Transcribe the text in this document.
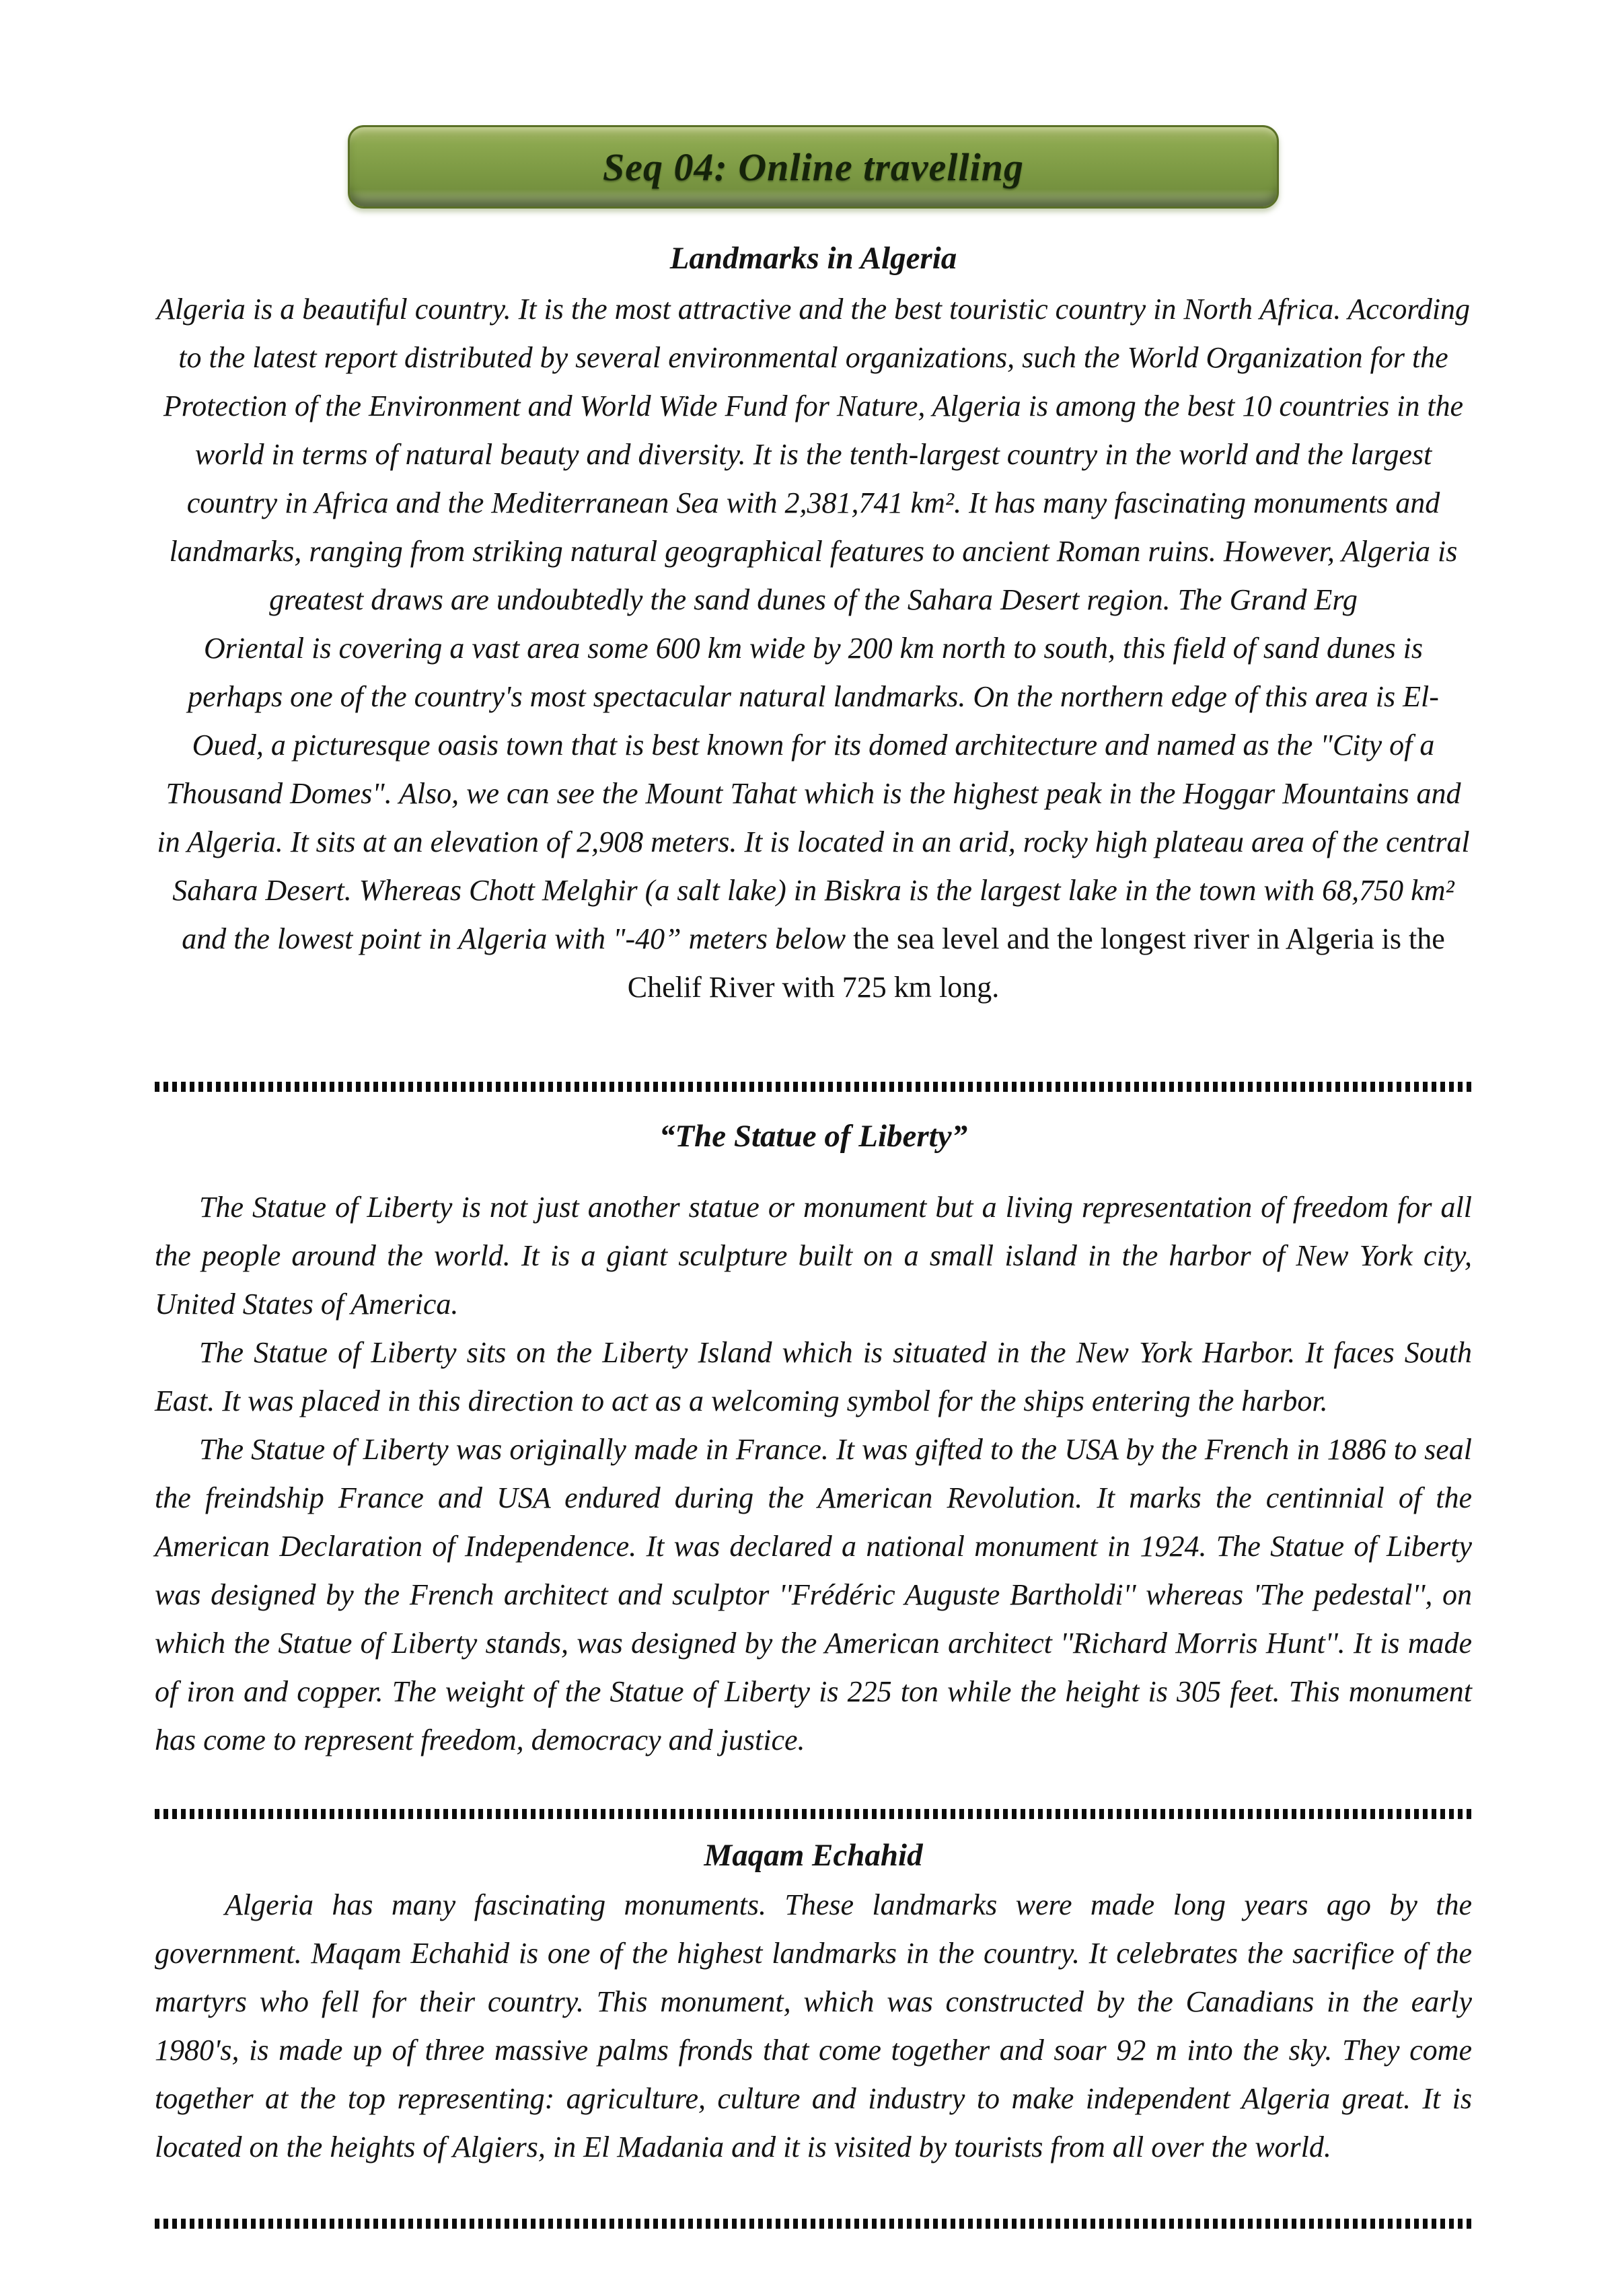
Seq 04: Online travelling
Landmarks in Algeria

Algeria is a beautiful country. It is the most attractive and the best touristic country in North Africa. According to the latest report distributed by several environmental organizations, such the World Organization for the Protection of the Environment and World Wide Fund for Nature, Algeria is among the best 10 countries in the world in terms of natural beauty and diversity. It is the tenth-largest country in the world and the largest country in Africa and the Mediterranean Sea with 2,381,741 km². It has many fascinating monuments and landmarks, ranging from striking natural geographical features to ancient Roman ruins. However, Algeria is greatest draws are undoubtedly the sand dunes of the Sahara Desert region. The Grand Erg

Oriental is covering a vast area some 600 km wide by 200 km north to south, this field of sand dunes is perhaps one of the country's most spectacular natural landmarks. On the northern edge of this area is El-Oued, a picturesque oasis town that is best known for its domed architecture and named as the "City of a Thousand Domes". Also, we can see the Mount Tahat which is the highest peak in the Hoggar Mountains and in Algeria. It sits at an elevation of 2,908 meters. It is located in an arid, rocky high plateau area of the central Sahara Desert. Whereas Chott Melghir (a salt lake) in Biskra is the largest lake in the town with 68,750 km² and the lowest point in Algeria with "-40” meters below the sea level and the longest river in Algeria is the Chelif River with 725 km long.

“The Statue of Liberty”

The Statue of Liberty is not just another statue or monument but a living representation of freedom for all the people around the world. It is a giant sculpture built on a small island in the harbor of New York city, United States of America.

The Statue of Liberty sits on the Liberty Island which is situated in the New York Harbor. It faces South East. It was placed in this direction to act as a welcoming symbol for the ships entering the harbor.

The Statue of Liberty was originally made in France. It was gifted to the USA by the French in 1886 to seal the freindship France and USA endured during the American Revolution. It marks the centinnial of the American Declaration of Independence. It was declared a national monument in 1924. The Statue of Liberty was designed by the French architect and sculptor ''Frédéric Auguste Bartholdi'' whereas 'The pedestal'', on which the Statue of Liberty stands, was designed by the American architect ''Richard Morris Hunt''. It is made of iron and copper. The weight of the Statue of Liberty is 225 ton while the height is 305 feet. This monument has come to represent freedom, democracy and justice.

Maqam Echahid

Algeria has many fascinating monuments. These landmarks were made long years ago by the government. Maqam Echahid is one of the highest landmarks in the country. It celebrates the sacrifice of the martyrs who fell for their country. This monument, which was constructed by the Canadians in the early 1980's, is made up of three massive palms fronds that come together and soar 92 m into the sky. They come together at the top representing: agriculture, culture and industry to make independent Algeria great. It is located on the heights of Algiers, in El Madania and it is visited by tourists from all over the world.
